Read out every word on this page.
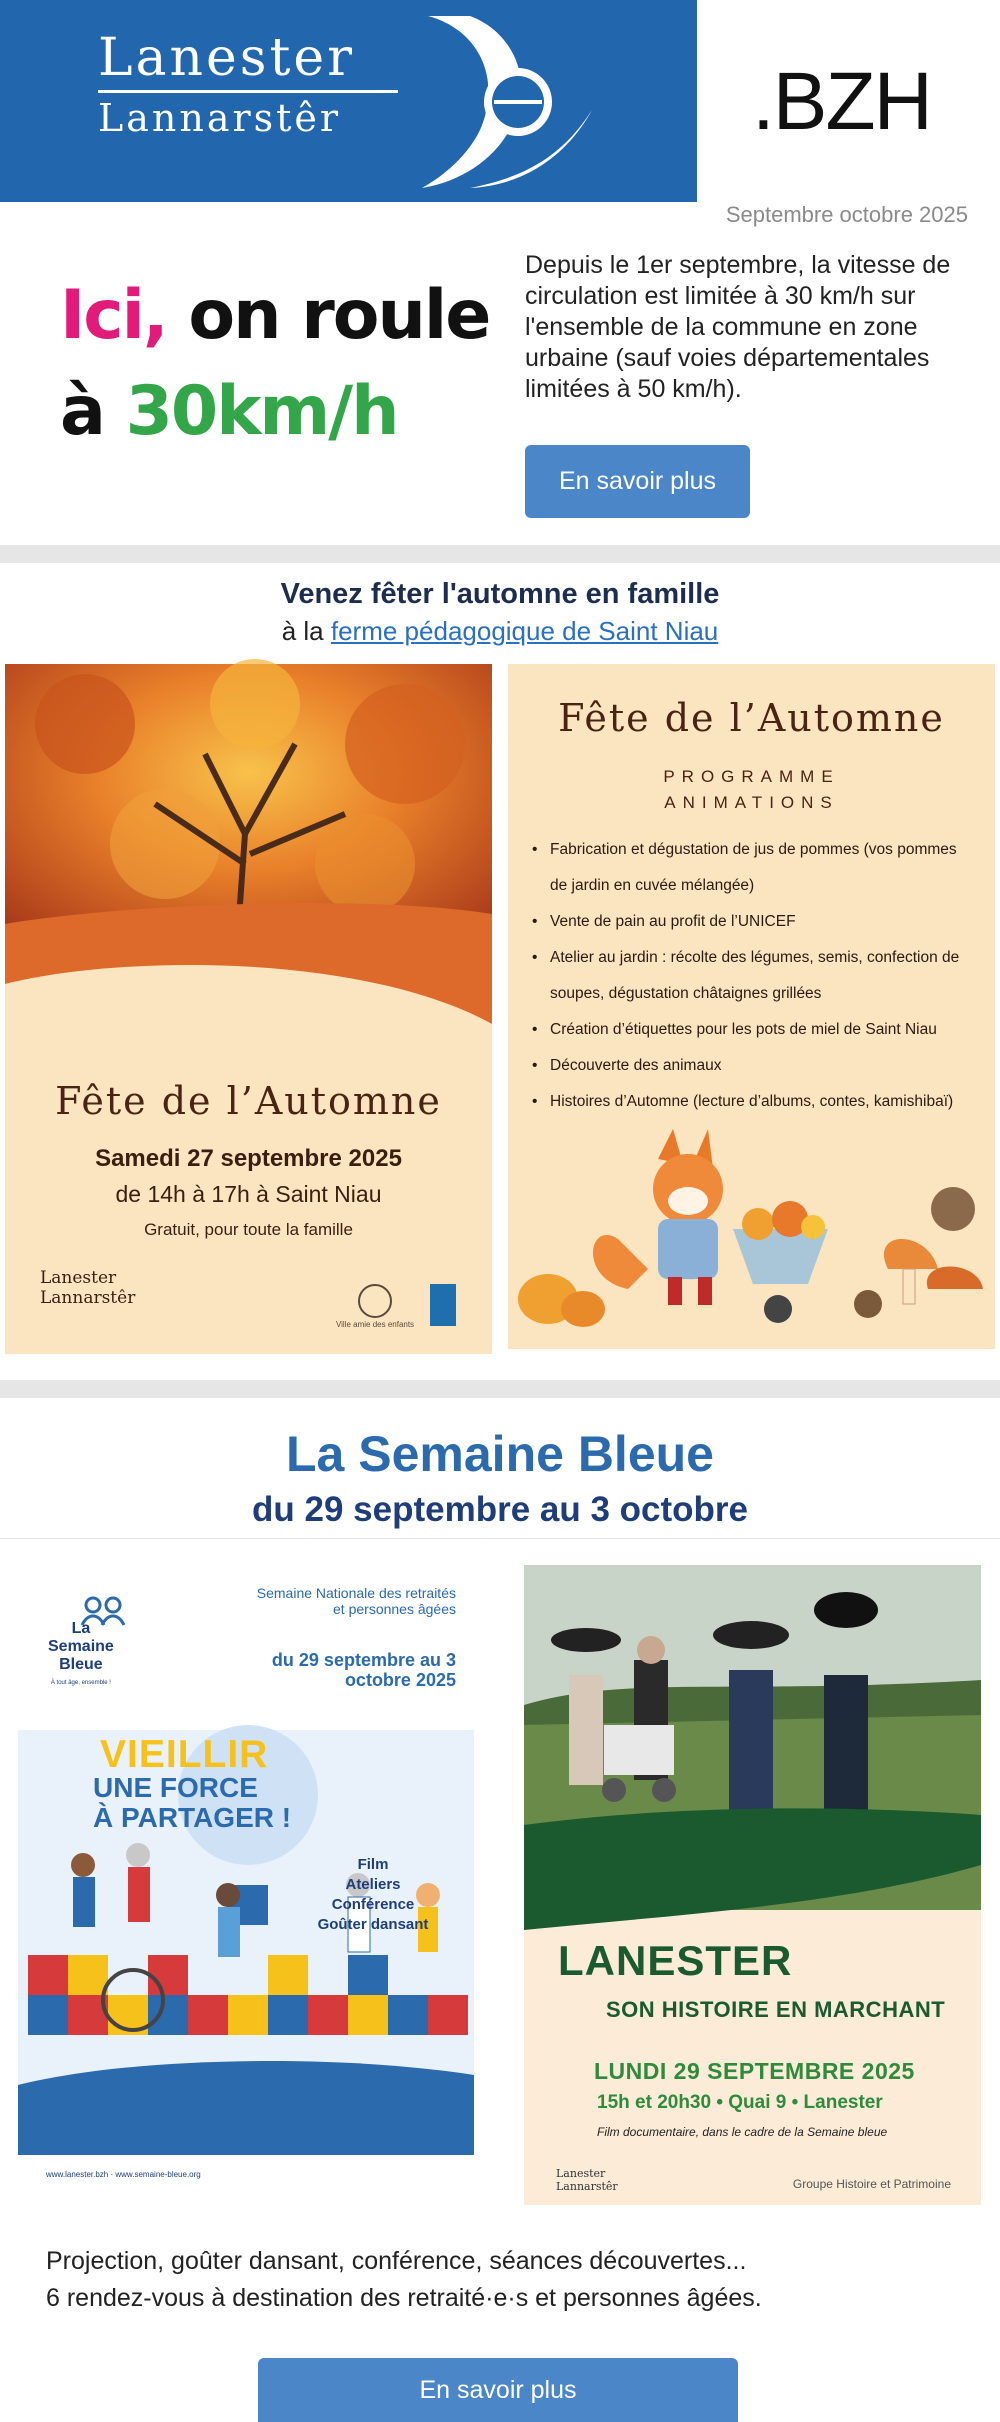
Lanester
Lannarstêr	.BZH
Septembre octobre 2025
Ici, on roule
à 30km/h
Depuis le 1er septembre, la vitesse de circulation est limitée à 30 km/h sur l'ensemble de la commune en zone urbaine (sauf voies départementales limitées à 50 km/h).
En savoir plus
Venez fêter l'automne en famille
à la ferme pédagogique de Saint Niau
Fête de l’Automne
Samedi 27 septembre 2025
de 14h à 17h à Saint Niau
Gratuit, pour toute la famille
Lanester
Lannarstêr
Ville amie des enfants
Fête de l’Automne
PROGRAMME
ANIMATIONS
• Fabrication et dégustation de jus de pommes (vos pommes de jardin en cuvée mélangée)
• Vente de pain au profit de l’UNICEF
• Atelier au jardin : récolte des légumes, semis, confection de soupes, dégustation châtaignes grillées
• Création d’étiquettes pour les pots de miel de Saint Niau
• Découverte des animaux
• Histoires d’Automne (lecture d’albums, contes, kamishibaï)
La Semaine Bleue
du 29 septembre au 3 octobre
La
Semaine
Bleue
À tout âge, ensemble !
Semaine Nationale des retraités et personnes âgées
du 29 septembre au 3 octobre 2025
VIEILLIR
UNE FORCE
À PARTAGER !
Film
Ateliers
Conférence
Goûter dansant
www.lanester.bzh · www.semaine-bleue.org
LANESTER
SON HISTOIRE EN MARCHANT
LUNDI 29 SEPTEMBRE 2025
15h et 20h30 • Quai 9 • Lanester
Film documentaire, dans le cadre de la Semaine bleue
Lanester
Lannarstêr	Groupe Histoire et Patrimoine
Projection, goûter dansant, conférence, séances découvertes...
6 rendez-vous à destination des retraité·e·s et personnes âgées.
En savoir plus
